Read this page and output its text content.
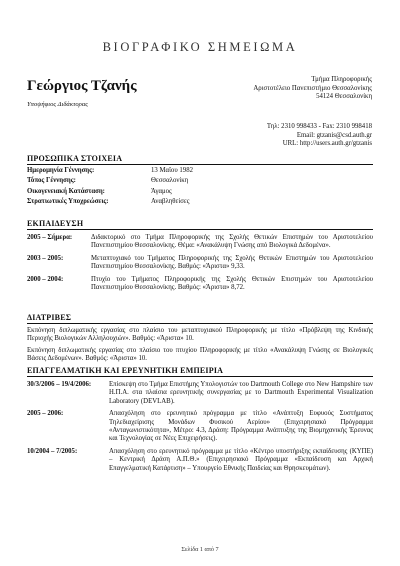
ΒΙΟΓΡΑΦΙΚΟ ΣΗΜΕΙΩΜΑ
Γεώργιος Τζανής
Υποψήφιος Διδάκτορας
Τμήμα Πληροφορικής
Αριστοτέλειο Πανεπιστήμιο Θεσσαλονίκης
54124 Θεσσαλονίκη
Τηλ: 2310 998433 - Fax: 2310 998418
Email: gtzanis@csd.auth.gr
URL: http://users.auth.gr/gtzanis
ΠΡΟΣΩΠΙΚΑ ΣΤΟΙΧΕΙΑ
Ημερομηνία Γέννησης:	13 Μαΐου 1982
Τόπος Γέννησης:	Θεσσαλονίκη
Οικογενειακή Κατάσταση:	Άγαμος
Στρατιωτικές Υποχρεώσεις:	Αναβληθείσες
ΕΚΠΑΙΔΕΥΣΗ
2005 – Σήμερα:	Διδακτορικό στο Τμήμα Πληροφορικής της Σχολής Θετικών Επιστημών του Αριστοτελείου Πανεπιστημίου Θεσσαλονίκης. Θέμα: «Ανακάλυψη Γνώσης από Βιολογικά Δεδομένα».
2003 – 2005:	Μεταπτυχιακό του Τμήματος Πληροφορικής της Σχολής Θετικών Επιστημών του Αριστοτελείου Πανεπιστημίου Θεσσαλονίκης. Βαθμός: «Άριστα» 9,33.
2000 – 2004:	Πτυχίο του Τμήματος Πληροφορικής της Σχολής Θετικών Επιστημών του Αριστοτελείου Πανεπιστημίου Θεσσαλονίκης. Βαθμός: «Άριστα» 8,72.
ΔΙΑΤΡΙΒΕΣ
Εκπόνηση διπλωματικής εργασίας στο πλαίσιο του μεταπτυχιακού Πληροφορικής με τίτλο «Πρόβλεψη της Κινδικής Περιοχής Βιολογικών Αλληλουχιών». Βαθμός: «Άριστα» 10.
Εκπόνηση διπλωματικής εργασίας στο πλαίσιο του πτυχίου Πληροφορικής με τίτλο «Ανακάλυψη Γνώσης σε Βιολογικές Βάσεις Δεδομένων». Βαθμός: «Άριστα» 10.
ΕΠΑΓΓΕΛΜΑΤΙΚΗ ΚΑΙ ΕΡΕΥΝΗΤΙΚΗ ΕΜΠΕΙΡΙΑ
30/3/2006 – 19/4/2006:	Επίσκεψη στο Τμήμα Επιστήμης Υπολογιστών του Dartmouth College στο New Hampshire των Η.Π.Α. στα πλαίσια ερευνητικής συνεργασίας με το Dartmouth Experimental Visualization Laboratory (DEVLAB).
2005 – 2006:	Απασχόληση στο ερευνητικό πρόγραμμα με τίτλο «Ανάπτυξη Ευφυούς Συστήματος Τηλεδιαχείρισης Μονάδων Φυσικού Αερίου» (Επιχειρησιακό Πρόγραμμα «Ανταγωνιστικότητα», Μέτρο: 4.3, Δράση: Πρόγραμμα Ανάπτυξης της Βιομηχανικής Έρευνας και Τεχνολογίας σε Νέες Επιχειρήσεις).
10/2004 – 7/2005:	Απασχόληση στο ερευνητικό πρόγραμμα με τίτλο «Κέντρο υποστήριξης εκπαίδευσης (ΚΥΠΕ) – Κεντρική Δράση Α.Π.Θ.» (Επιχειρησιακό Πρόγραμμα «Εκπαίδευση και Αρχική Επαγγελματική Κατάρτιση» – Υπουργείο Εθνικής Παιδείας και Θρησκευμάτων).
Σελίδα 1 από 7
